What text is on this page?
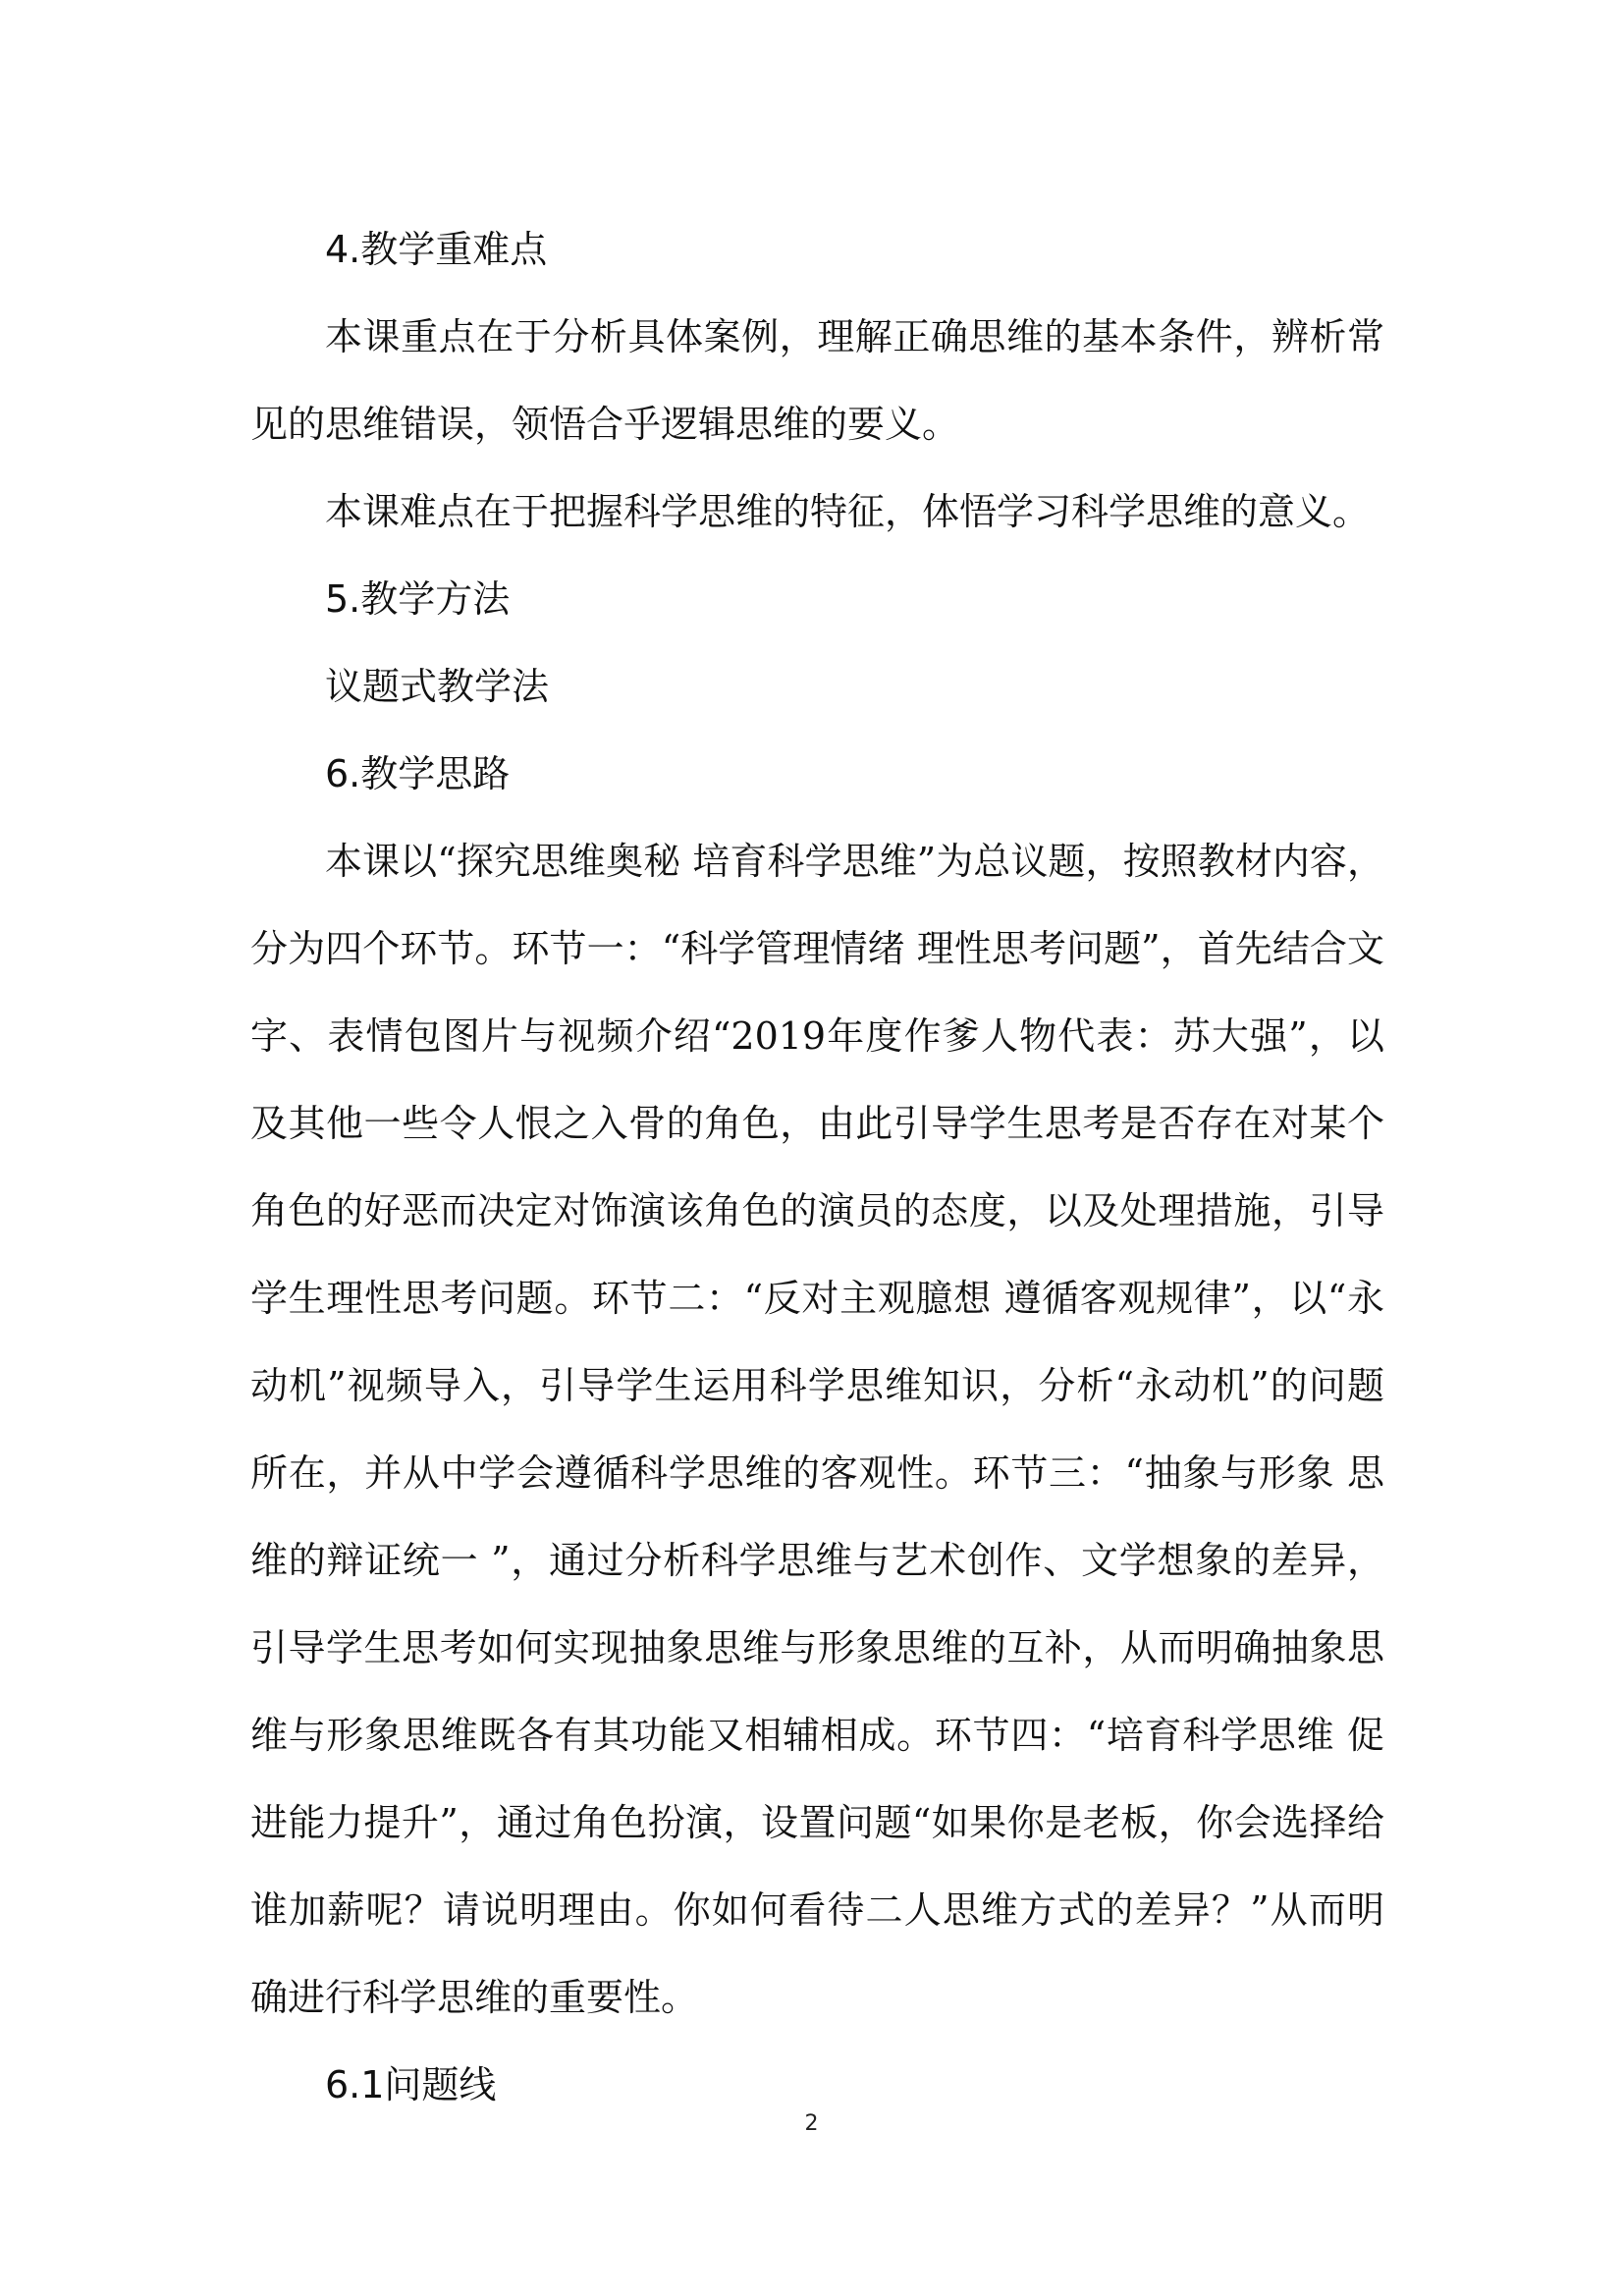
4.教学重难点

本课重点在于分析具体案例，理解正确思维的基本条件，辨析常见的思维错误，领悟合乎逻辑思维的要义。

本课难点在于把握科学思维的特征，体悟学习科学思维的意义。

5.教学方法

议题式教学法

6.教学思路

本课以“探究思维奥秘 培育科学思维”为总议题，按照教材内容，分为四个环节。环节一：“科学管理情绪 理性思考问题”，首先结合文字、表情包图片与视频介绍“2019年度作爹人物代表：苏大强”，以及其他一些令人恨之入骨的角色，由此引导学生思考是否存在对某个角色的好恶而决定对饰演该角色的演员的态度，以及处理措施，引导学生理性思考问题。环节二：“反对主观臆想 遵循客观规律”，以“永动机”视频导入，引导学生运用科学思维知识，分析“永动机”的问题所在，并从中学会遵循科学思维的客观性。环节三：“抽象与形象 思维的辩证统一 ”，通过分析科学思维与艺术创作、文学想象的差异，引导学生思考如何实现抽象思维与形象思维的互补，从而明确抽象思维与形象思维既各有其功能又相辅相成。环节四：“培育科学思维 促进能力提升”，通过角色扮演，设置问题“如果你是老板，你会选择给谁加薪呢？请说明理由。你如何看待二人思维方式的差异？”从而明确进行科学思维的重要性。

6.1问题线
2
